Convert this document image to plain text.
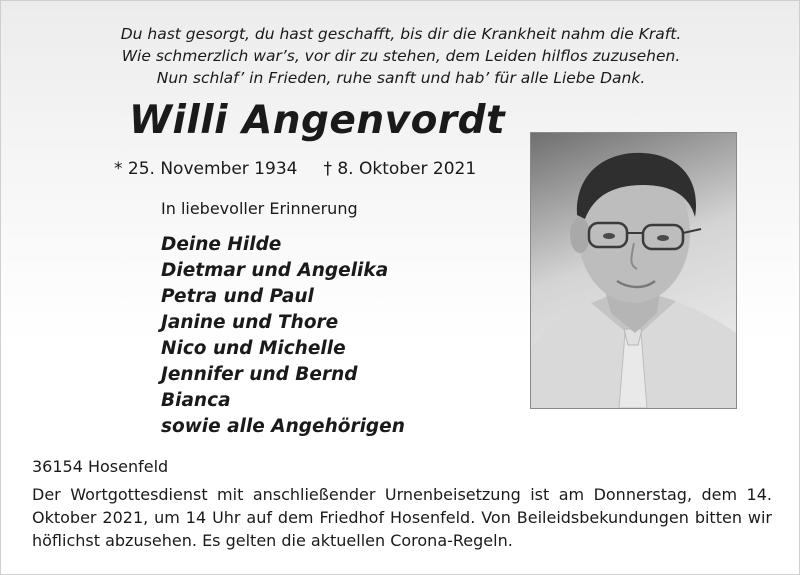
Du hast gesorgt, du hast geschafft, bis dir die Krankheit nahm die Kraft.
Wie schmerzlich war’s, vor dir zu stehen, dem Leiden hilflos zuzusehen.
Nun schlaf’ in Frieden, ruhe sanft und hab’ für alle Liebe Dank.
Willi Angenvordt
* 25. November 1934 † 8. Oktober 2021
In liebevoller Erinnerung
Deine Hilde
Dietmar und Angelika
Petra und Paul
Janine und Thore
Nico und Michelle
Jennifer und Bernd
Bianca
sowie alle Angehörigen
36154 Hosenfeld
Der Wortgottesdienst mit anschließender Urnenbeisetzung ist am Donnerstag, dem 14. Oktober 2021, um 14 Uhr auf dem Friedhof Hosenfeld. Von Beileidsbekundungen bitten wir höflichst abzusehen. Es gelten die aktuellen Corona-Regeln.
